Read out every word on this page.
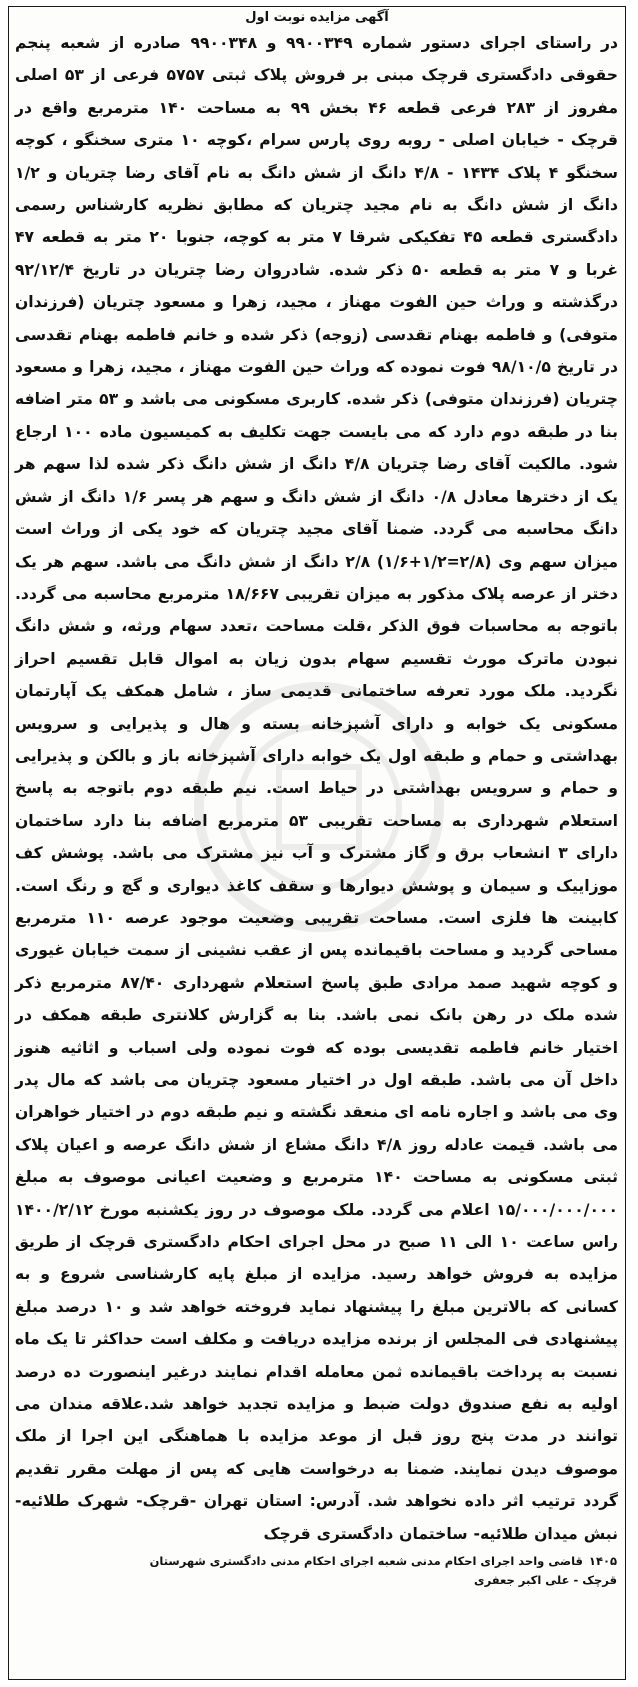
آگهی مزایده نوبت اول

در راستای اجرای دستور شماره ۹۹۰۰۳۴۹ و ۹۹۰۰۳۴۸ صادره از شعبه پنجم حقوقی دادگستری قرچک مبنی بر فروش پلاک ثبتی ۵۷۵۷ فرعی از ۵۳ اصلی مفروز از ۲۸۳ فرعی قطعه ۴۶ بخش ۹۹ به مساحت ۱۴۰ مترمربع واقع در قرچک - خیابان اصلی - روبه روی پارس سرام ،کوچه ۱۰ متری سخنگو ، کوچه سخنگو ۴ پلاک ۱۴۳۴ - ۴/۸ دانگ از شش دانگ به نام آقای رضا چتریان و ۱/۲ دانگ از شش دانگ به نام مجید چتریان که مطابق نظریه کارشناس رسمی دادگستری قطعه ۴۵ تفکیکی شرقا ۷ متر به کوچه، جنوبا ۲۰ متر به قطعه ۴۷ غربا و ۷ متر به قطعه ۵۰ ذکر شده. شادروان رضا چتریان در تاریخ ۹۲/۱۲/۴ درگذشته و وراث حین الفوت مهناز ، مجید، زهرا و مسعود چتریان (فرزندان متوفی) و فاطمه بهنام تقدسی (زوجه) ذکر شده و خانم فاطمه بهنام تقدسی در تاریخ ۹۸/۱۰/۵ فوت نموده که وراث حین الفوت مهناز ، مجید، زهرا و مسعود چتریان (فرزندان متوفی) ذکر شده. کاربری مسکونی می باشد و ۵۳ متر اضافه بنا در طبقه دوم دارد که می بایست جهت تکلیف به کمیسیون ماده ۱۰۰ ارجاع شود. مالکیت آقای رضا چتریان ۴/۸ دانگ از شش دانگ ذکر شده لذا سهم هر یک از دخترها معادل ۰/۸ دانگ از شش دانگ و سهم هر پسر ۱/۶ دانگ از شش دانگ محاسبه می گردد. ضمنا آقای مجید چتریان که خود یکی از وراث است میزان سهم وی (۲/۸=۱/۲+۱/۶) ۲/۸ دانگ از شش دانگ می باشد. سهم هر یک دختر از عرصه پلاک مذکور به میزان تقریبی ۱۸/۶۶۷ مترمربع محاسبه می گردد. باتوجه به محاسبات فوق الذکر ،قلت مساحت ،تعدد سهام ورثه، و شش دانگ نبودن ماترک مورث تقسیم سهام بدون زیان به اموال قابل تقسیم احراز نگردید. ملک مورد تعرفه ساختمانی قدیمی ساز ، شامل همکف یک آپارتمان مسکونی یک خوابه و دارای آشپزخانه بسته و هال و پذیرایی و سرویس بهداشتی و حمام و طبقه اول یک خوابه دارای آشپزخانه باز و بالکن و پذیرایی و حمام و سرویس بهداشتی در حیاط است. نیم طبقه دوم باتوجه به پاسخ استعلام شهرداری به مساحت تقریبی ۵۳ مترمربع اضافه بنا دارد ساختمان دارای ۳ انشعاب برق و گاز مشترک و آب نیز مشترک می باشد. پوشش کف موزاییک و سیمان و پوشش دیوارها و سقف کاغذ دیواری و گچ و رنگ است. کابینت ها فلزی است. مساحت تقریبی وضعیت موجود عرصه ۱۱۰ مترمربع مساحی گردید و مساحت باقیمانده پس از عقب نشینی از سمت خیابان غیوری و کوچه شهید صمد مرادی طبق پاسخ استعلام شهرداری ۸۷/۴۰ مترمربع ذکر شده ملک در رهن بانک نمی باشد. بنا به گزارش کلانتری طبقه همکف در اختیار خانم فاطمه تقدیسی بوده که فوت نموده ولی اسباب و اثاثیه هنوز داخل آن می باشد. طبقه اول در اختیار مسعود چتریان می باشد که مال پدر وی می باشد و اجاره نامه ای منعقد نگشته و نیم طبقه دوم در اختیار خواهران می باشد. قیمت عادله روز ۴/۸ دانگ مشاع از شش دانگ عرصه و اعیان پلاک ثبتی مسکونی به مساحت ۱۴۰ مترمربع و وضعیت اعیانی موصوف به مبلغ ۱۵/۰۰۰/۰۰۰/۰۰۰ اعلام می گردد. ملک موصوف در روز یکشنبه مورخ ۱۴۰۰/۲/۱۲ راس ساعت ۱۰ الی ۱۱ صبح در محل اجرای احکام دادگستری قرچک از طریق مزایده به فروش خواهد رسید. مزایده از مبلغ پایه کارشناسی شروع و به کسانی که بالاترین مبلغ را پیشنهاد نماید فروخته خواهد شد و ۱۰ درصد مبلغ پیشنهادی فی المجلس از برنده مزایده دریافت و مکلف است حداکثر تا یک ماه نسبت به پرداخت باقیمانده ثمن معامله اقدام نمایند درغیر اینصورت ده درصد اولیه به نفع صندوق دولت ضبط و مزایده تجدید خواهد شد.علاقه مندان می توانند در مدت پنج روز قبل از موعد مزایده با هماهنگی این اجرا از ملک موصوف دیدن نمایند. ضمنا به درخواست هایی که پس از مهلت مقرر تقدیم گردد ترتیب اثر داده نخواهد شد. آدرس: استان تهران -قرچک- شهرک طلائیه- نبش میدان طلائیه- ساختمان دادگستری قرچک

۱۴۰۵قاضی واحد اجرای احکام مدنی شعبه اجرای احکام مدنی دادگستری شهرستان
قرچک - علی اکبر جعفری
